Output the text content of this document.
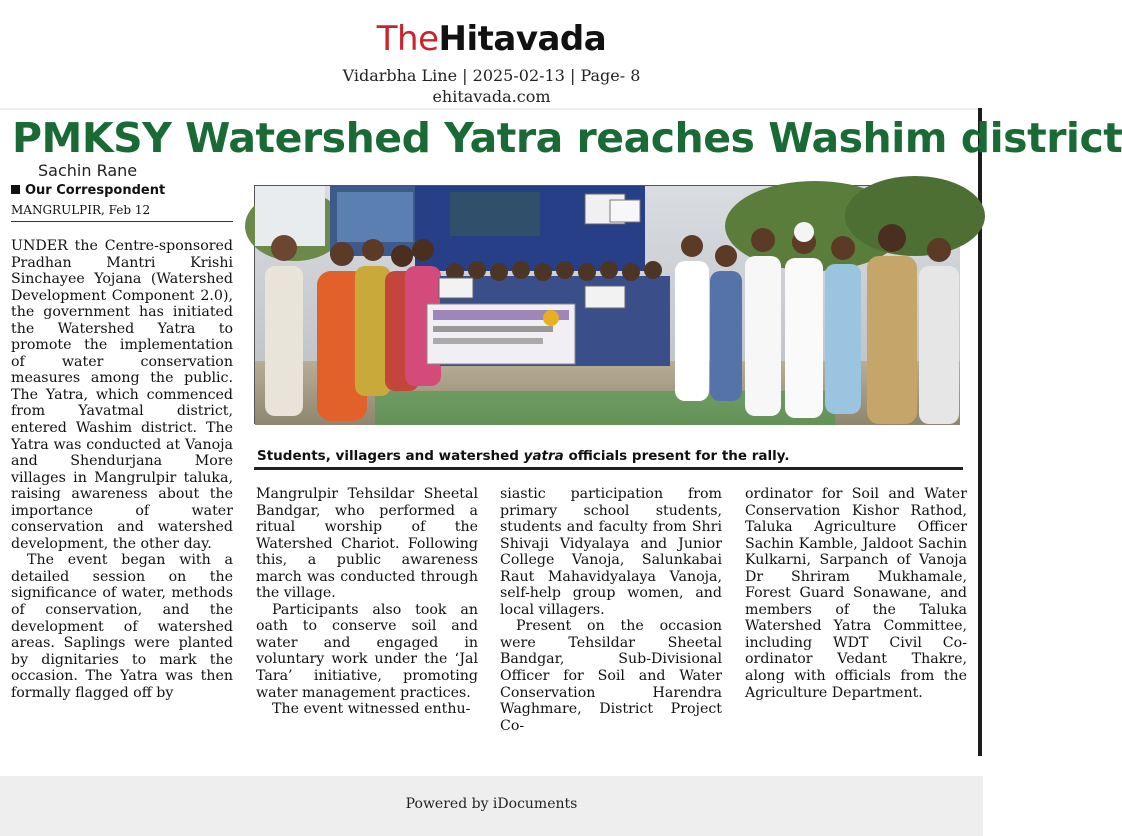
TheHitavada
Vidarbha Line | 2025-02-13 | Page- 8
ehitavada.com
PMKSY Watershed Yatra reaches Washim district
Sachin Rane
Our Correspondent
MANGRULPIR, Feb 12

UNDER the Centre-sponsored Pradhan Mantri Krishi Sinchayee Yojana (Watershed Development Component 2.0), the government has initiated the Watershed Yatra to promote the implementation of water conservation measures among the public. The Yatra, which commenced from Yavatmal district, entered Washim district. The Yatra was conducted at Vanoja and Shendurjana More villages in Mangrulpir taluka, raising awareness about the importance of water conservation and watershed development, the other day.

The event began with a detailed session on the significance of water, methods of conservation, and the development of watershed areas. Saplings were planted by dignitaries to mark the occasion. The Yatra was then formally flagged off by

Students, villagers and watershed yatra officials present for the rally.

Mangrulpir Tehsildar Sheetal Bandgar, who performed a ritual worship of the Watershed Chariot. Following this, a public awareness march was conducted through the village.

Participants also took an oath to conserve soil and water and engaged in voluntary work under the ‘Jal Tara’ initiative, promoting water management practices.

The event witnessed enthu-

siastic participation from primary school students, students and faculty from Shri Shivaji Vidyalaya and Junior College Vanoja, Salunkabai Raut Mahavidyalaya Vanoja, self-help group women, and local villagers.

Present on the occasion were Tehsildar Sheetal Bandgar, Sub-Divisional Officer for Soil and Water Conservation Harendra Waghmare, District Project Co-

ordinator for Soil and Water Conservation Kishor Rathod, Taluka Agriculture Officer Sachin Kamble, Jaldoot Sachin Kulkarni, Sarpanch of Vanoja Dr Shriram Mukhamale, Forest Guard Sonawane, and members of the Taluka Watershed Yatra Committee, including WDT Civil Co-ordinator Vedant Thakre, along with officials from the Agriculture Department.

Powered by iDocuments
